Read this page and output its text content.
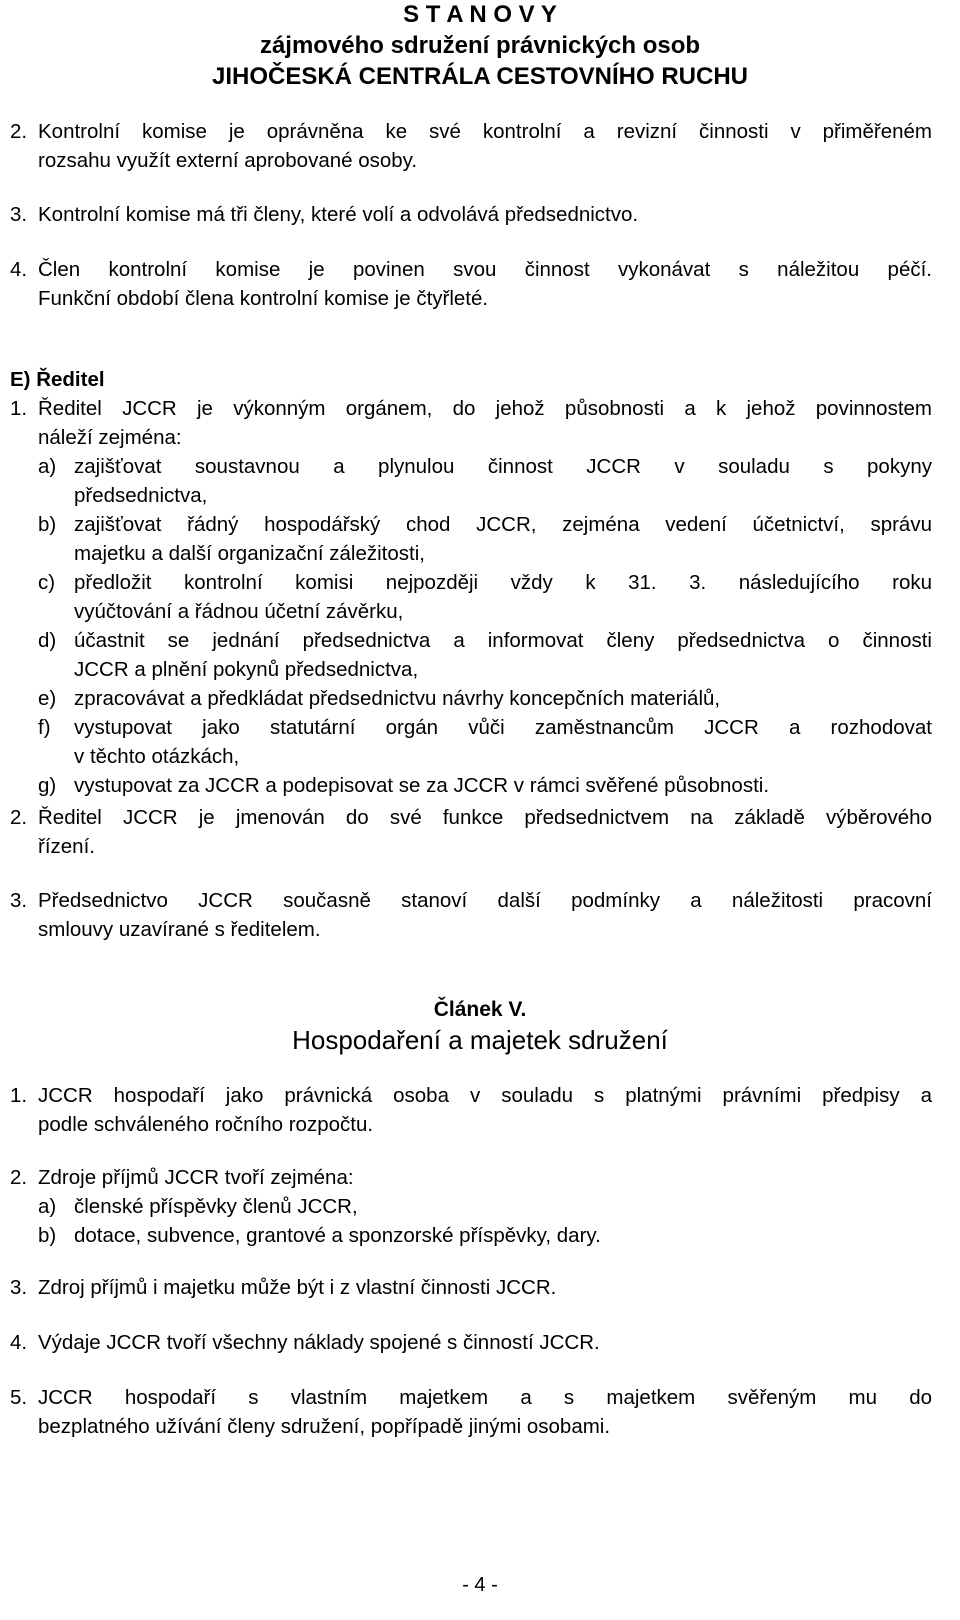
S T A N O V Y
zájmového sdružení právnických osob
JIHOČESKÁ CENTRÁLA CESTOVNÍHO RUCHU
2. Kontrolní komise je oprávněna ke své kontrolní a revizní činnosti v přiměřeném
rozsahu využít externí aprobované osoby.
3. Kontrolní komise má tři členy, které volí a odvolává předsednictvo.
4. Člen kontrolní komise je povinen svou činnost vykonávat s náležitou péčí.
Funkční období člena kontrolní komise je čtyřleté.
E) Ředitel
1. Ředitel JCCR je výkonným orgánem, do jehož působnosti a k jehož povinnostem
náleží zejména:
a) zajišťovat soustavnou a plynulou činnost JCCR v souladu s pokyny
předsednictva,
b) zajišťovat řádný hospodářský chod JCCR, zejména vedení účetnictví, správu
majetku a další organizační záležitosti,
c) předložit kontrolní komisi nejpozději vždy k 31. 3. následujícího roku
vyúčtování a řádnou účetní závěrku,
d) účastnit se jednání předsednictva a informovat členy předsednictva o činnosti
JCCR a plnění pokynů předsednictva,
e) zpracovávat a předkládat předsednictvu návrhy koncepčních materiálů,
f)	vystupovat jako statutární orgán vůči zaměstnancům JCCR a rozhodovat
v těchto otázkách,
g) vystupovat za JCCR a podepisovat se za JCCR v rámci svěřené působnosti.
2. Ředitel JCCR je jmenován do své funkce předsednictvem na základě výběrového
řízení.
3. Předsednictvo JCCR současně stanoví další podmínky a náležitosti pracovní
smlouvy uzavírané s ředitelem.
Článek V.
Hospodaření a majetek sdružení
1. JCCR hospodaří jako právnická osoba v souladu s platnými právními předpisy a
podle schváleného ročního rozpočtu.
2. Zdroje příjmů JCCR tvoří zejména:
a) členské příspěvky členů JCCR,
b) dotace, subvence, grantové a sponzorské příspěvky, dary.
3. Zdroj příjmů i majetku může být i z vlastní činnosti JCCR.
4. Výdaje JCCR tvoří všechny náklady spojené s činností JCCR.
5. JCCR hospodaří s vlastním majetkem a s majetkem svěřeným mu do
bezplatného užívání členy sdružení, popřípadě jinými osobami.
- 4 -
